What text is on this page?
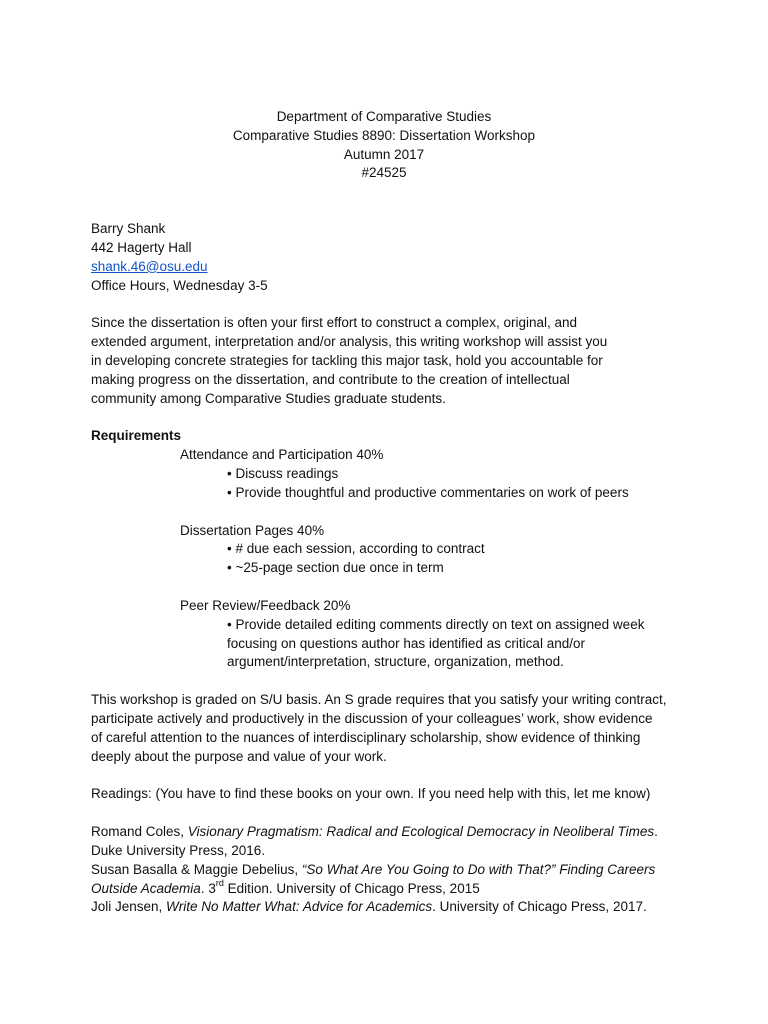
Department of Comparative Studies
Comparative Studies 8890: Dissertation Workshop
Autumn 2017
#24525
Barry Shank
442 Hagerty Hall
shank.46@osu.edu
Office Hours, Wednesday 3-5
Since the dissertation is often your first effort to construct a complex, original, and
extended argument, interpretation and/or analysis, this writing workshop will assist you
in developing concrete strategies for tackling this major task, hold you accountable for
making progress on the dissertation, and contribute to the creation of intellectual
community among Comparative Studies graduate students.
Requirements
Attendance and Participation 40%
• Discuss readings
• Provide thoughtful and productive commentaries on work of peers
Dissertation Pages 40%
• # due each session, according to contract
• ~25-page section due once in term
Peer Review/Feedback 20%
• Provide detailed editing comments directly on text on assigned week
focusing on questions author has identified as critical and/or
argument/interpretation, structure, organization, method.
This workshop is graded on S/U basis. An S grade requires that you satisfy your writing contract,
participate actively and productively in the discussion of your colleagues’ work, show evidence
of careful attention to the nuances of interdisciplinary scholarship, show evidence of thinking
deeply about the purpose and value of your work.
Readings: (You have to find these books on your own. If you need help with this, let me know)
Romand Coles, Visionary Pragmatism: Radical and Ecological Democracy in Neoliberal Times.
Duke University Press, 2016.
Susan Basalla & Maggie Debelius, “So What Are You Going to Do with That?” Finding Careers
Outside Academia. 3rd Edition. University of Chicago Press, 2015
Joli Jensen, Write No Matter What: Advice for Academics. University of Chicago Press, 2017.
